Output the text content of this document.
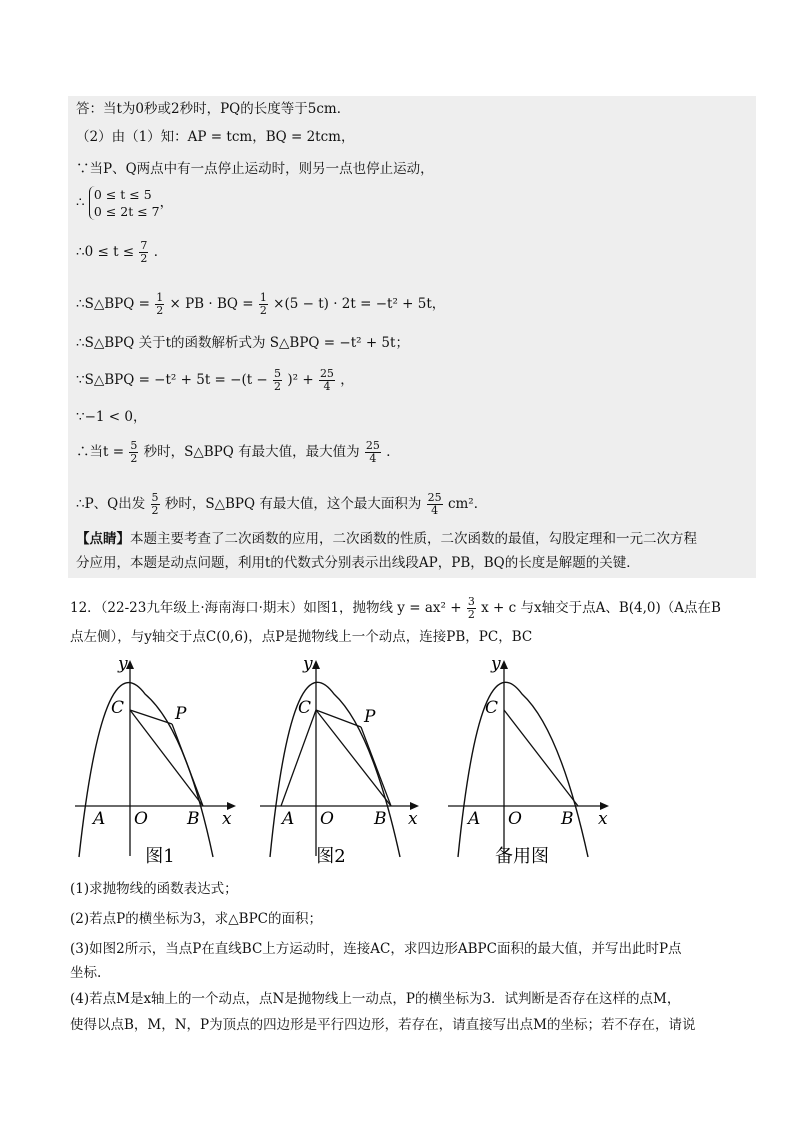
答：当t为0秒或2秒时，PQ的长度等于5cm．
（2）由（1）知：AP = tcm，BQ = 2tcm，
∵当P、Q两点中有一点停止运动时，则另一点也停止运动，
∴ 0 ≤ t ≤ 5
0 ≤ 2t ≤ 7
，
∴0 ≤ $t \le \frac{7}{2}$ ．
∴S△BPQ = $\frac{1}{2}$ × PB · BQ = $\frac{1}{2} \times(5 - t) \cdot 2t = -t^2 + 5t$，
∴S△BPQ 关于t的函数解析式为 S△BPQ = −t² + 5t；
∵S△BPQ = $-t^2 + 5t = -(t - \frac{5}{2} )^2 + \frac{25}{4}$ ，
∵−1 < 0，
∴当$t = \frac{5}{2}$ 秒时，S△BPQ 有最大值，最大值为 $\frac{25}{4}$ ．
∴P、Q出发 $\frac{5}{2}$ 秒时，S△BPQ 有最大值，这个最大面积为 $\frac{25}{4} cm^2$．
【点睛】本题主要考查了二次函数的应用，二次函数的性质，二次函数的最值，勾股定理和一元二次方程
分应用，本题是动点问题，利用t的代数式分别表示出线段AP，PB，BQ的长度是解题的关键．
12．（22-23九年级上·海南海口·期末）如图1，抛物线 $y = ax^2 + \frac{3}{2}$ x + c 与x轴交于点A、B(4,0)（A点在B
点左侧），与y轴交于点C(0,6)，点P是抛物线上一个动点，连接PB，PC，BC
y
x
C	P
A O B
图1
y
x
C	P
A O B
图2
y
x
C
A O B
备用图
(1)求抛物线的函数表达式；
(2)若点P的横坐标为3，求△BPC的面积；
(3)如图2所示，当点P在直线BC上方运动时，连接AC，求四边形ABPC面积的最大值，并写出此时P点
坐标.
(4)若点M是x轴上的一个动点，点N是抛物线上一动点，P的横坐标为3．试判断是否存在这样的点M，
使得以点B，M，N，P为顶点的四边形是平行四边形，若存在，请直接写出点M的坐标；若不存在，请说
